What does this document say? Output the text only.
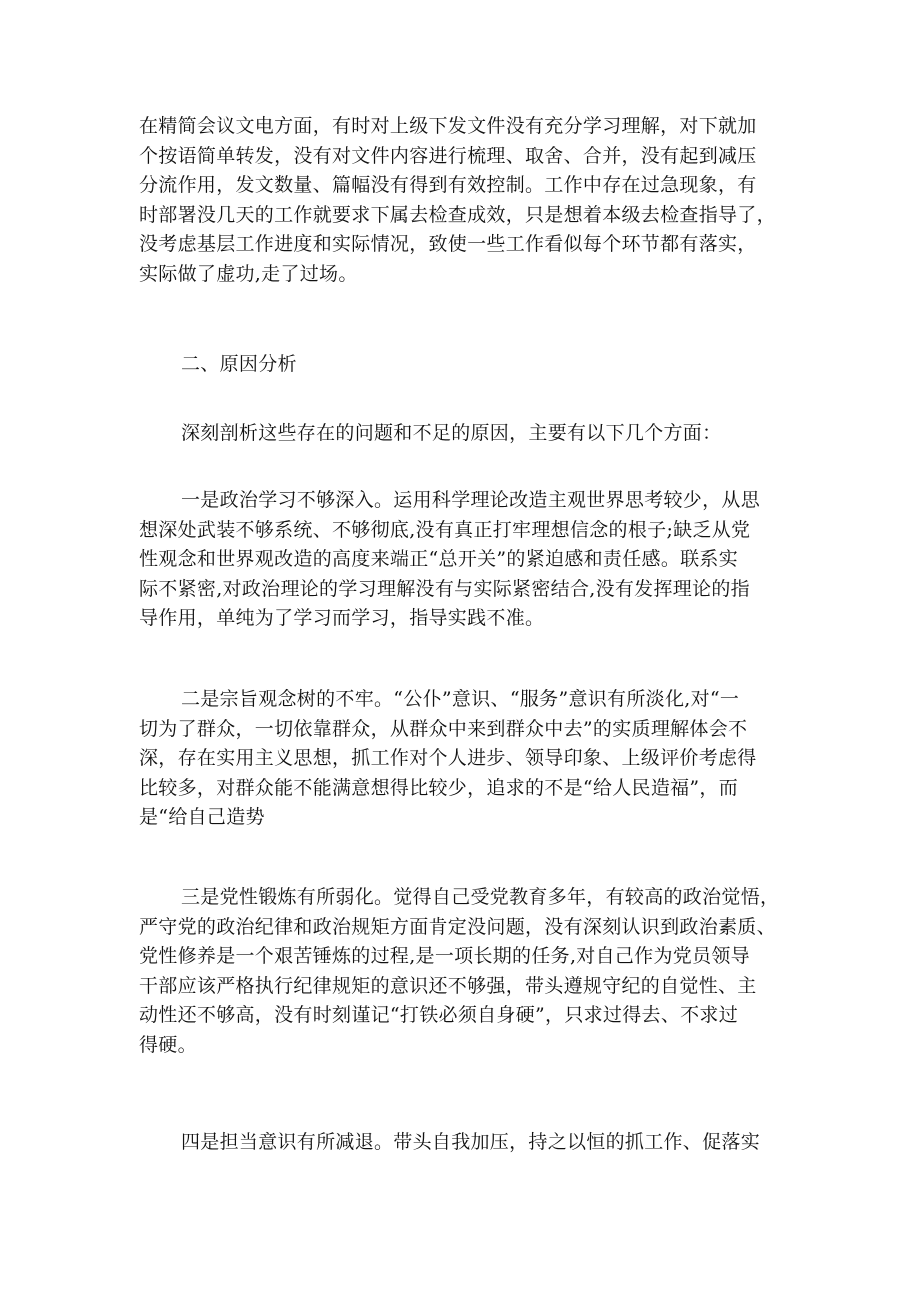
在精简会议文电方面，有时对上级下发文件没有充分学习理解，对下就加
个按语简单转发，没有对文件内容进行梳理、取舍、合并，没有起到减压
分流作用，发文数量、篇幅没有得到有效控制。工作中存在过急现象，有
时部署没几天的工作就要求下属去检查成效，只是想着本级去检查指导了，
没考虑基层工作进度和实际情况，致使一些工作看似每个环节都有落实，
实际做了虚功,走了过场。
二、原因分析
深刻剖析这些存在的问题和不足的原因，主要有以下几个方面：
一是政治学习不够深入。运用科学理论改造主观世界思考较少，从思
想深处武装不够系统、不够彻底,没有真正打牢理想信念的根子;缺乏从党
性观念和世界观改造的高度来端正“总开关”的紧迫感和责任感。联系实
际不紧密,对政治理论的学习理解没有与实际紧密结合,没有发挥理论的指
导作用，单纯为了学习而学习，指导实践不准。
二是宗旨观念树的不牢。“公仆”意识、“服务”意识有所淡化,对“一
切为了群众，一切依靠群众，从群众中来到群众中去”的实质理解体会不
深，存在实用主义思想，抓工作对个人进步、领导印象、上级评价考虑得
比较多，对群众能不能满意想得比较少，追求的不是“给人民造福”，而
是“给自己造势
三是党性锻炼有所弱化。觉得自己受党教育多年，有较高的政治觉悟，
严守党的政治纪律和政治规矩方面肯定没问题，没有深刻认识到政治素质、
党性修养是一个艰苦锤炼的过程,是一项长期的任务,对自己作为党员领导
干部应该严格执行纪律规矩的意识还不够强，带头遵规守纪的自觉性、主
动性还不够高，没有时刻谨记“打铁必须自身硬”，只求过得去、不求过
得硬。
四是担当意识有所减退。带头自我加压，持之以恒的抓工作、促落实
